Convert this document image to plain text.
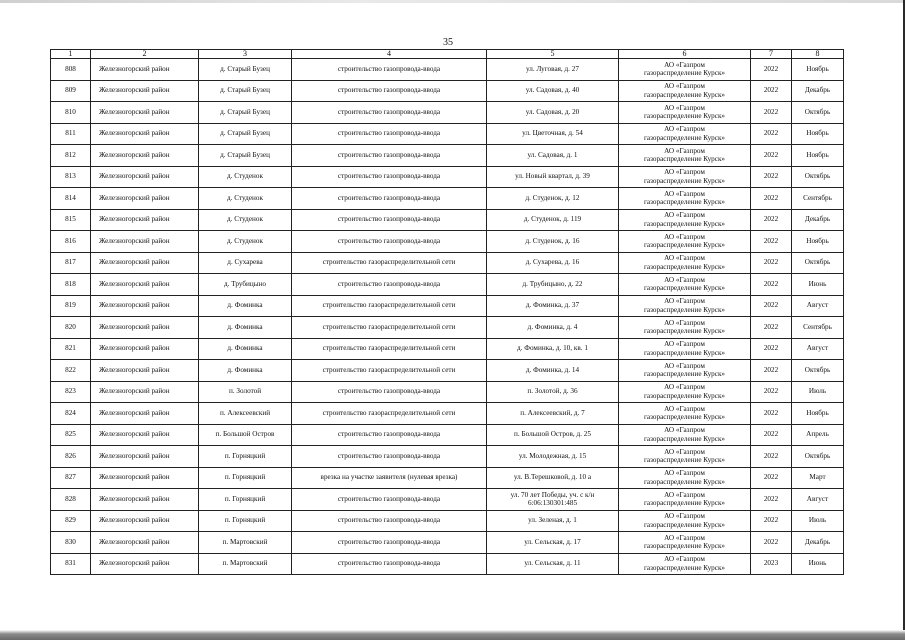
35
1	2	3	4	5	6	7	8
808	Железногорский район	д. Старый Бузец	строительство газопровода-ввода	ул. Луговая, д. 27	АО «Газпром
газораспределение Курск»	2022	Ноябрь
809	Железногорский район	д. Старый Бузец	строительство газопровода-ввода	ул. Садовая, д. 40	АО «Газпром
газораспределение Курск»	2022	Декабрь
810	Железногорский район	д. Старый Бузец	строительство газопровода-ввода	ул. Садовая, д. 20	АО «Газпром
газораспределение Курск»	2022	Октябрь
811	Железногорский район	д. Старый Бузец	строительство газопровода-ввода	ул. Цветочная, д. 54	АО «Газпром
газораспределение Курск»	2022	Ноябрь
812	Железногорский район	д. Старый Бузец	строительство газопровода-ввода	ул. Садовая, д. 1	АО «Газпром
газораспределение Курск»	2022	Ноябрь
813	Железногорский район	д. Студенок	строительство газопровода-ввода	ул. Новый квартал, д. 39	АО «Газпром
газораспределение Курск»	2022	Октябрь
814	Железногорский район	д. Студенок	строительство газопровода-ввода	д. Студенок, д. 12	АО «Газпром
газораспределение Курск»	2022	Сентябрь
815	Железногорский район	д. Студенок	строительство газопровода-ввода	д. Студенок, д. 119	АО «Газпром
газораспределение Курск»	2022	Декабрь
816	Железногорский район	д. Студенок	строительство газопровода-ввода	д. Студенок, д. 16	АО «Газпром
газораспределение Курск»	2022	Ноябрь
817	Железногорский район	д. Сухарева	строительство газораспределительной сети	д. Сухарева, д. 16	АО «Газпром
газораспределение Курск»	2022	Октябрь
818	Железногорский район	д. Трубицыно	строительство газопровода-ввода	д. Трубицыно, д. 22	АО «Газпром
газораспределение Курск»	2022	Июнь
819	Железногорский район	д. Фоминка	строительство газораспределительной сети	д. Фоминка, д. 37	АО «Газпром
газораспределение Курск»	2022	Август
820	Железногорский район	д. Фоминка	строительство газораспределительной сети	д. Фоминка, д. 4	АО «Газпром
газораспределение Курск»	2022	Сентябрь
821	Железногорский район	д. Фоминка	строительство газораспределительной сети	д. Фоминка, д. 10, кв. 1	АО «Газпром
газораспределение Курск»	2022	Август
822	Железногорский район	д. Фоминка	строительство газораспределительной сети	д. Фоминка, д. 14	АО «Газпром
газораспределение Курск»	2022	Октябрь
823	Железногорский район	п. Золотой	строительство газопровода-ввода	п. Золотой, д. 36	АО «Газпром
газораспределение Курск»	2022	Июль
824	Железногорский район	п. Алексеевский	строительство газораспределительной сети	п. Алексеевский, д. 7	АО «Газпром
газораспределение Курск»	2022	Ноябрь
825	Железногорский район	п. Большой Остров	строительство газопровода-ввода	п. Большой Остров, д. 25	АО «Газпром
газораспределение Курск»	2022	Апрель
826	Железногорский район	п. Горняцкий	строительство газопровода-ввода	ул. Молодежная, д. 15	АО «Газпром
газораспределение Курск»	2022	Октябрь
827	Железногорский район	п. Горняцкий	врезка на участке заявителя (нулевая врезка)	ул. В.Терешковой, д. 10 а	АО «Газпром
газораспределение Курск»	2022	Март
828	Железногорский район	п. Горняцкий	строительство газопровода-ввода	ул. 70 лет Победы, уч. с к/н 6:06:130301:485	АО «Газпром
газораспределение Курск»	2022	Август
829	Железногорский район	п. Горняцкий	строительство газопровода-ввода	ул. Зеленая, д. 1	АО «Газпром
газораспределение Курск»	2022	Июль
830	Железногорский район	п. Мартовский	строительство газопровода-ввода	ул. Сельская, д. 17	АО «Газпром
газораспределение Курск»	2022	Декабрь
831	Железногорский район	п. Мартовский	строительство газопровода-ввода	ул. Сельская, д. 11	АО «Газпром
газораспределение Курск»	2023	Июнь
